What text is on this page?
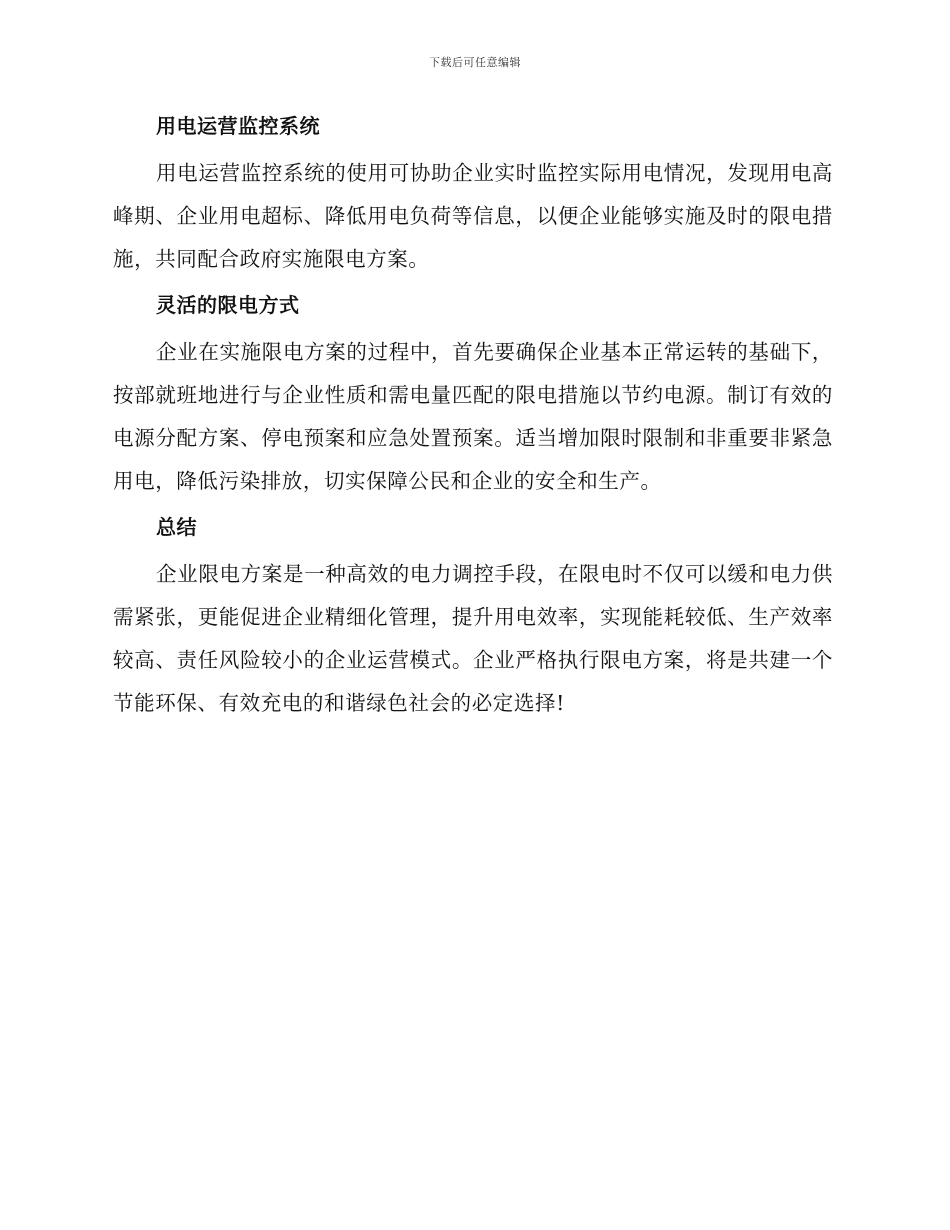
下载后可任意编辑
用电运营监控系统

用电运营监控系统的使用可协助企业实时监控实际用电情况，发现用电高峰期、企业用电超标、降低用电负荷等信息，以便企业能够实施及时的限电措施，共同配合政府实施限电方案。

灵活的限电方式

企业在实施限电方案的过程中，首先要确保企业基本正常运转的基础下，按部就班地进行与企业性质和需电量匹配的限电措施以节约电源。制订有效的电源分配方案、停电预案和应急处置预案。适当增加限时限制和非重要非紧急用电，降低污染排放，切实保障公民和企业的安全和生产。

总结

企业限电方案是一种高效的电力调控手段，在限电时不仅可以缓和电力供需紧张，更能促进企业精细化管理，提升用电效率，实现能耗较低、生产效率较高、责任风险较小的企业运营模式。企业严格执行限电方案，将是共建一个节能环保、有效充电的和谐绿色社会的必定选择!
